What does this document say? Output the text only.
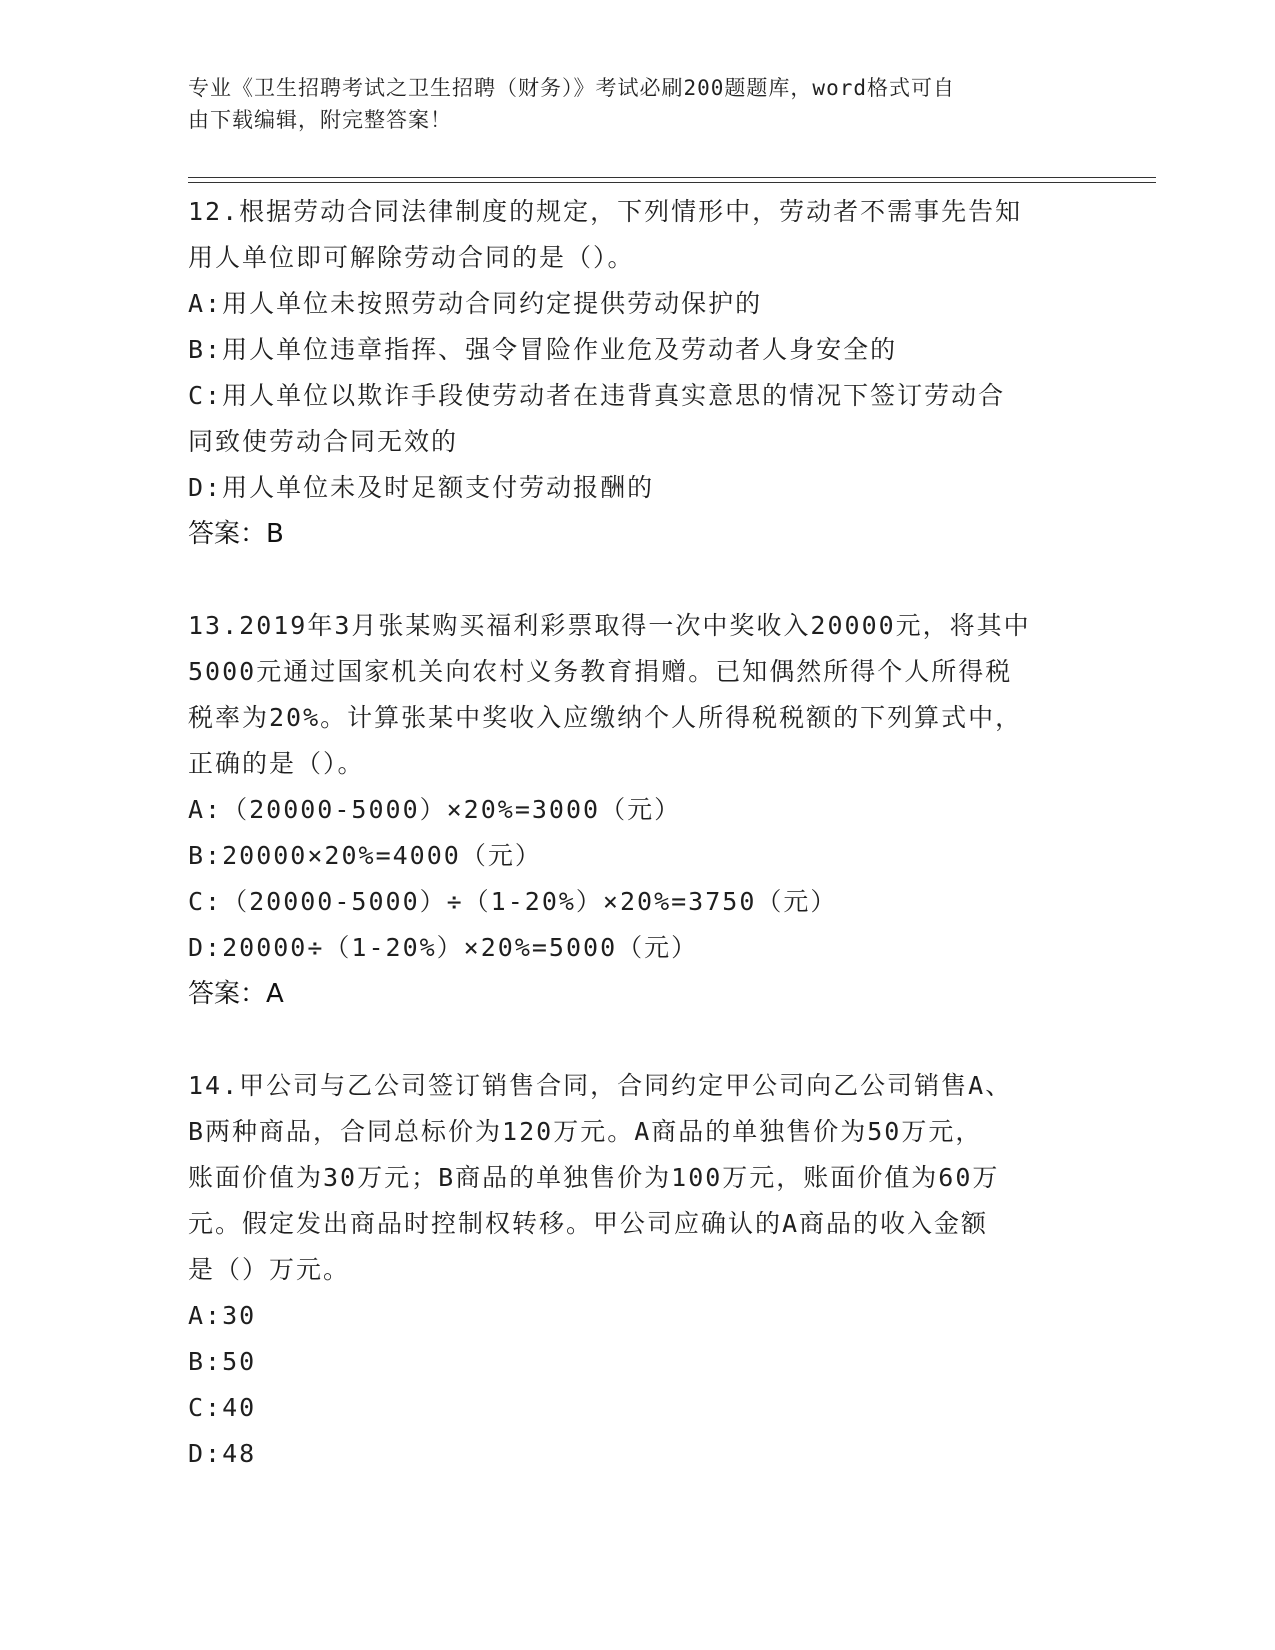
专业《卫生招聘考试之卫生招聘（财务）》考试必刷200题题库，word格式可自
由下载编辑，附完整答案！
12.根据劳动合同法律制度的规定，下列情形中，劳动者不需事先告知
用人单位即可解除劳动合同的是（）。
A:用人单位未按照劳动合同约定提供劳动保护的
B:用人单位违章指挥、强令冒险作业危及劳动者人身安全的
C:用人单位以欺诈手段使劳动者在违背真实意思的情况下签订劳动合
同致使劳动合同无效的
D:用人单位未及时足额支付劳动报酬的
答案：B
13.2019年3月张某购买福利彩票取得一次中奖收入20000元，将其中
5000元通过国家机关向农村义务教育捐赠。已知偶然所得个人所得税
税率为20%。计算张某中奖收入应缴纳个人所得税税额的下列算式中，
正确的是（）。
A:（20000-5000）×20%=3000（元）
B:20000×20%=4000（元）
C:（20000-5000）÷（1-20%）×20%=3750（元）
D:20000÷（1-20%）×20%=5000（元）
答案：A
14.甲公司与乙公司签订销售合同，合同约定甲公司向乙公司销售A、
B两种商品，合同总标价为120万元。A商品的单独售价为50万元，
账面价值为30万元；B商品的单独售价为100万元，账面价值为60万
元。假定发出商品时控制权转移。甲公司应确认的A商品的收入金额
是（）万元。
A:30
B:50
C:40
D:48
